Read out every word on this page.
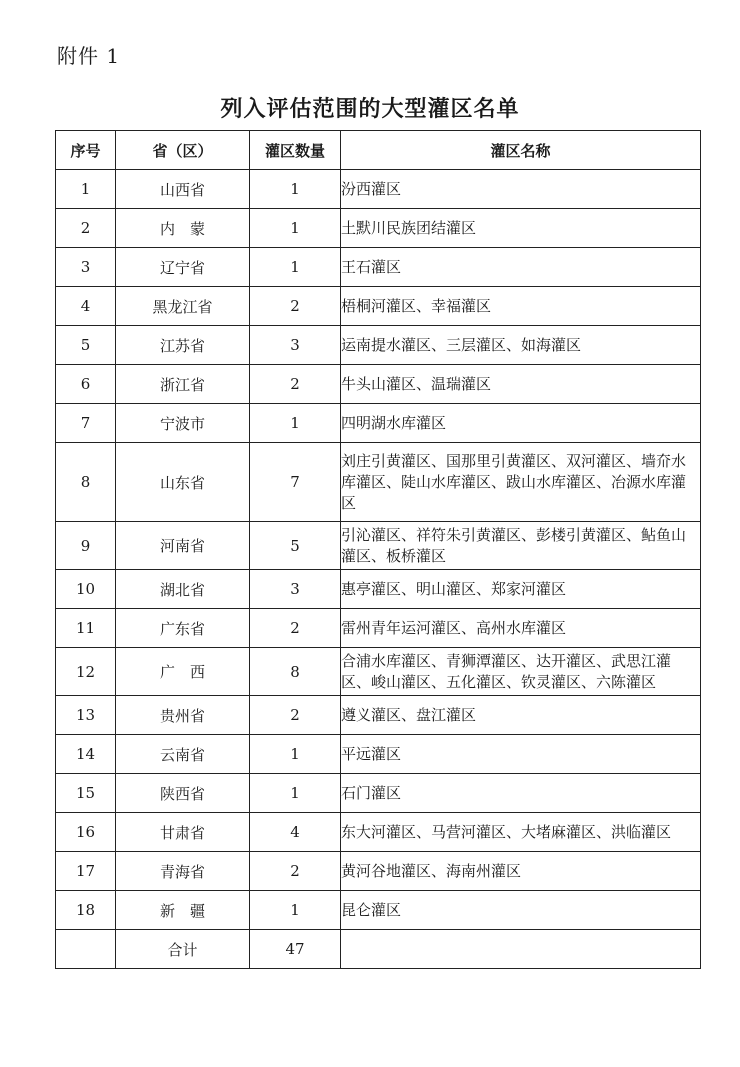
附件 1
列入评估范围的大型灌区名单
序号	省（区）	灌区数量	灌区名称
1	山西省	1	汾西灌区
2	内　蒙	1	土默川民族团结灌区
3	辽宁省	1	王石灌区
4	黑龙江省	2	梧桐河灌区、幸福灌区
5	江苏省	3	运南提水灌区、三层灌区、如海灌区
6	浙江省	2	牛头山灌区、温瑞灌区
7	宁波市	1	四明湖水库灌区
8	山东省	7	刘庄引黄灌区、国那里引黄灌区、双河灌区、墙夼水库灌区、陡山水库灌区、跋山水库灌区、冶源水库灌区
9	河南省	5	引沁灌区、祥符朱引黄灌区、彭楼引黄灌区、鲇鱼山灌区、板桥灌区
10	湖北省	3	惠亭灌区、明山灌区、郑家河灌区
11	广东省	2	雷州青年运河灌区、高州水库灌区
12	广　西	8	合浦水库灌区、青狮潭灌区、达开灌区、武思江灌区、峻山灌区、五化灌区、钦灵灌区、六陈灌区
13	贵州省	2	遵义灌区、盘江灌区
14	云南省	1	平远灌区
15	陕西省	1	石门灌区
16	甘肃省	4	东大河灌区、马营河灌区、大堵麻灌区、洪临灌区
17	青海省	2	黄河谷地灌区、海南州灌区
18	新　疆	1	昆仑灌区
	合计	47	
